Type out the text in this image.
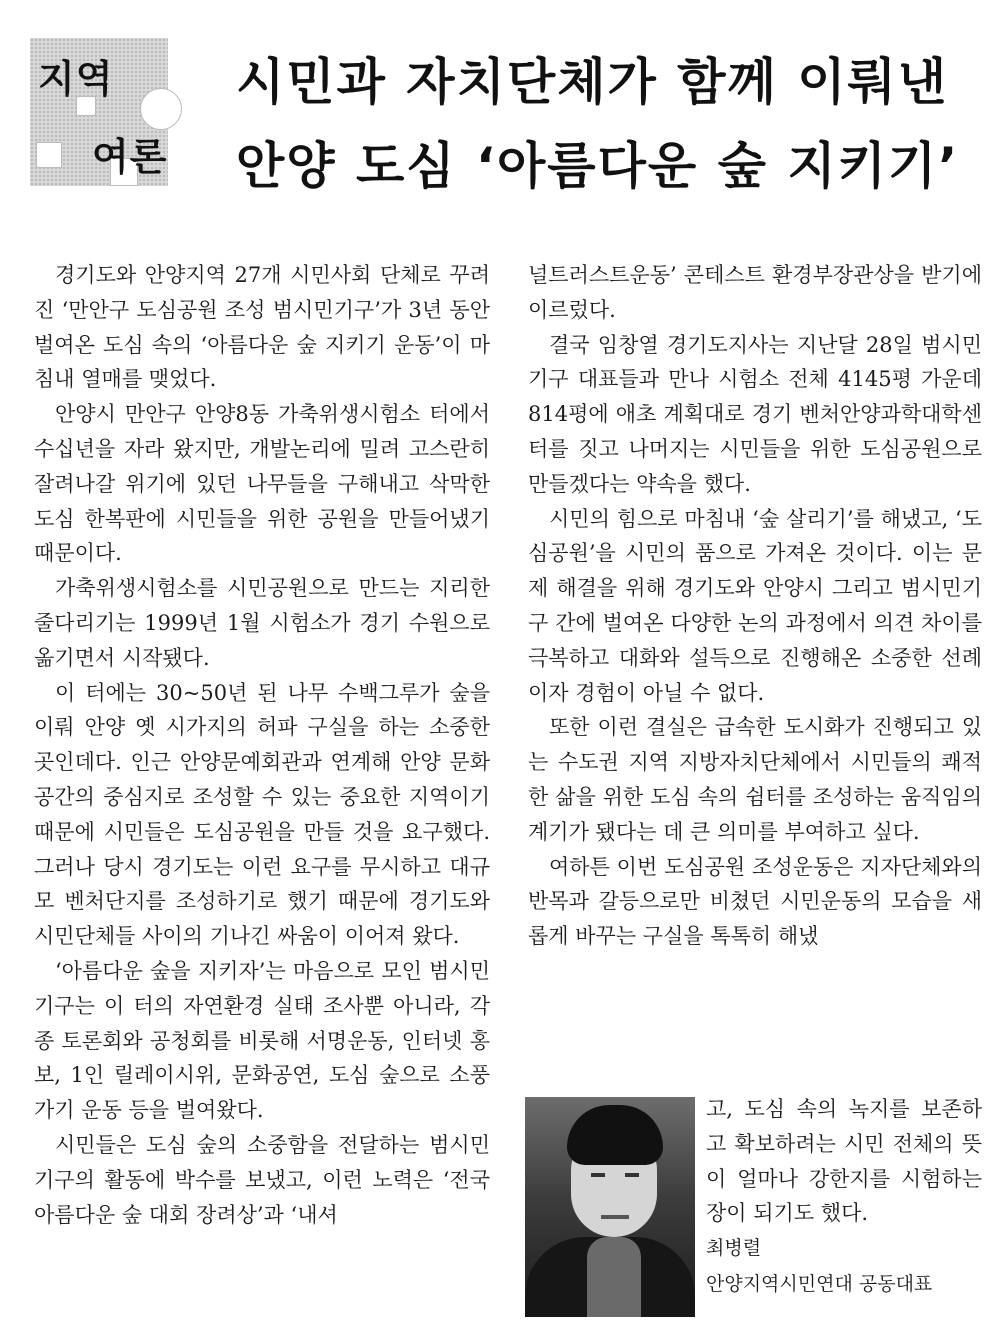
지역
여론
시민과 자치단체가 함께 이뤄낸
안양 도심 ‘아름다운 숲 지키기’

경기도와 안양지역 27개 시민사회 단체로 꾸려진 ‘만안구 도심공원 조성 범시민기구’가 3년 동안 벌여온 도심 속의 ‘아름다운 숲 지키기 운동’이 마침내 열매를 맺었다.

안양시 만안구 안양8동 가축위생시험소 터에서 수십년을 자라 왔지만, 개발논리에 밀려 고스란히 잘려나갈 위기에 있던 나무들을 구해내고 삭막한 도심 한복판에 시민들을 위한 공원을 만들어냈기 때문이다.

가축위생시험소를 시민공원으로 만드는 지리한 줄다리기는 1999년 1월 시험소가 경기 수원으로 옮기면서 시작됐다.

이 터에는 30~50년 된 나무 수백그루가 숲을 이뤄 안양 옛 시가지의 허파 구실을 하는 소중한 곳인데다. 인근 안양문예회관과 연계해 안양 문화공간의 중심지로 조성할 수 있는 중요한 지역이기 때문에 시민들은 도심공원을 만들 것을 요구했다. 그러나 당시 경기도는 이런 요구를 무시하고 대규모 벤처단지를 조성하기로 했기 때문에 경기도와 시민단체들 사이의 기나긴 싸움이 이어져 왔다.

‘아름다운 숲을 지키자’는 마음으로 모인 범시민기구는 이 터의 자연환경 실태 조사뿐 아니라, 각종 토론회와 공청회를 비롯해 서명운동, 인터넷 홍보, 1인 릴레이시위, 문화공연, 도심 숲으로 소풍가기 운동 등을 벌여왔다.

시민들은 도심 숲의 소중함을 전달하는 범시민기구의 활동에 박수를 보냈고, 이런 노력은 ‘전국 아름다운 숲 대회 장려상’과 ‘내셔

널트러스트운동’ 콘테스트 환경부장관상을 받기에 이르렀다.

결국 임창열 경기도지사는 지난달 28일 범시민기구 대표들과 만나 시험소 전체 4145평 가운데 814평에 애초 계획대로 경기 벤처안양과학대학센터를 짓고 나머지는 시민들을 위한 도심공원으로 만들겠다는 약속을 했다.

시민의 힘으로 마침내 ‘숲 살리기’를 해냈고, ‘도심공원’을 시민의 품으로 가져온 것이다. 이는 문제 해결을 위해 경기도와 안양시 그리고 범시민기구 간에 벌여온 다양한 논의 과정에서 의견 차이를 극복하고 대화와 설득으로 진행해온 소중한 선례이자 경험이 아닐 수 없다.

또한 이런 결실은 급속한 도시화가 진행되고 있는 수도권 지역 지방자치단체에서 시민들의 쾌적한 삶을 위한 도심 속의 쉼터를 조성하는 움직임의 계기가 됐다는 데 큰 의미를 부여하고 싶다.

여하튼 이번 도심공원 조성운동은 지자단체와의 반목과 갈등으로만 비쳤던 시민운동의 모습을 새롭게 바꾸는 구실을 톡톡히 해냈

고, 도심 속의 녹지를 보존하고 확보하려는 시민 전체의 뜻이 얼마나 강한지를 시험하는 장이 되기도 했다.

최병렬
안양지역시민연대 공동대표
